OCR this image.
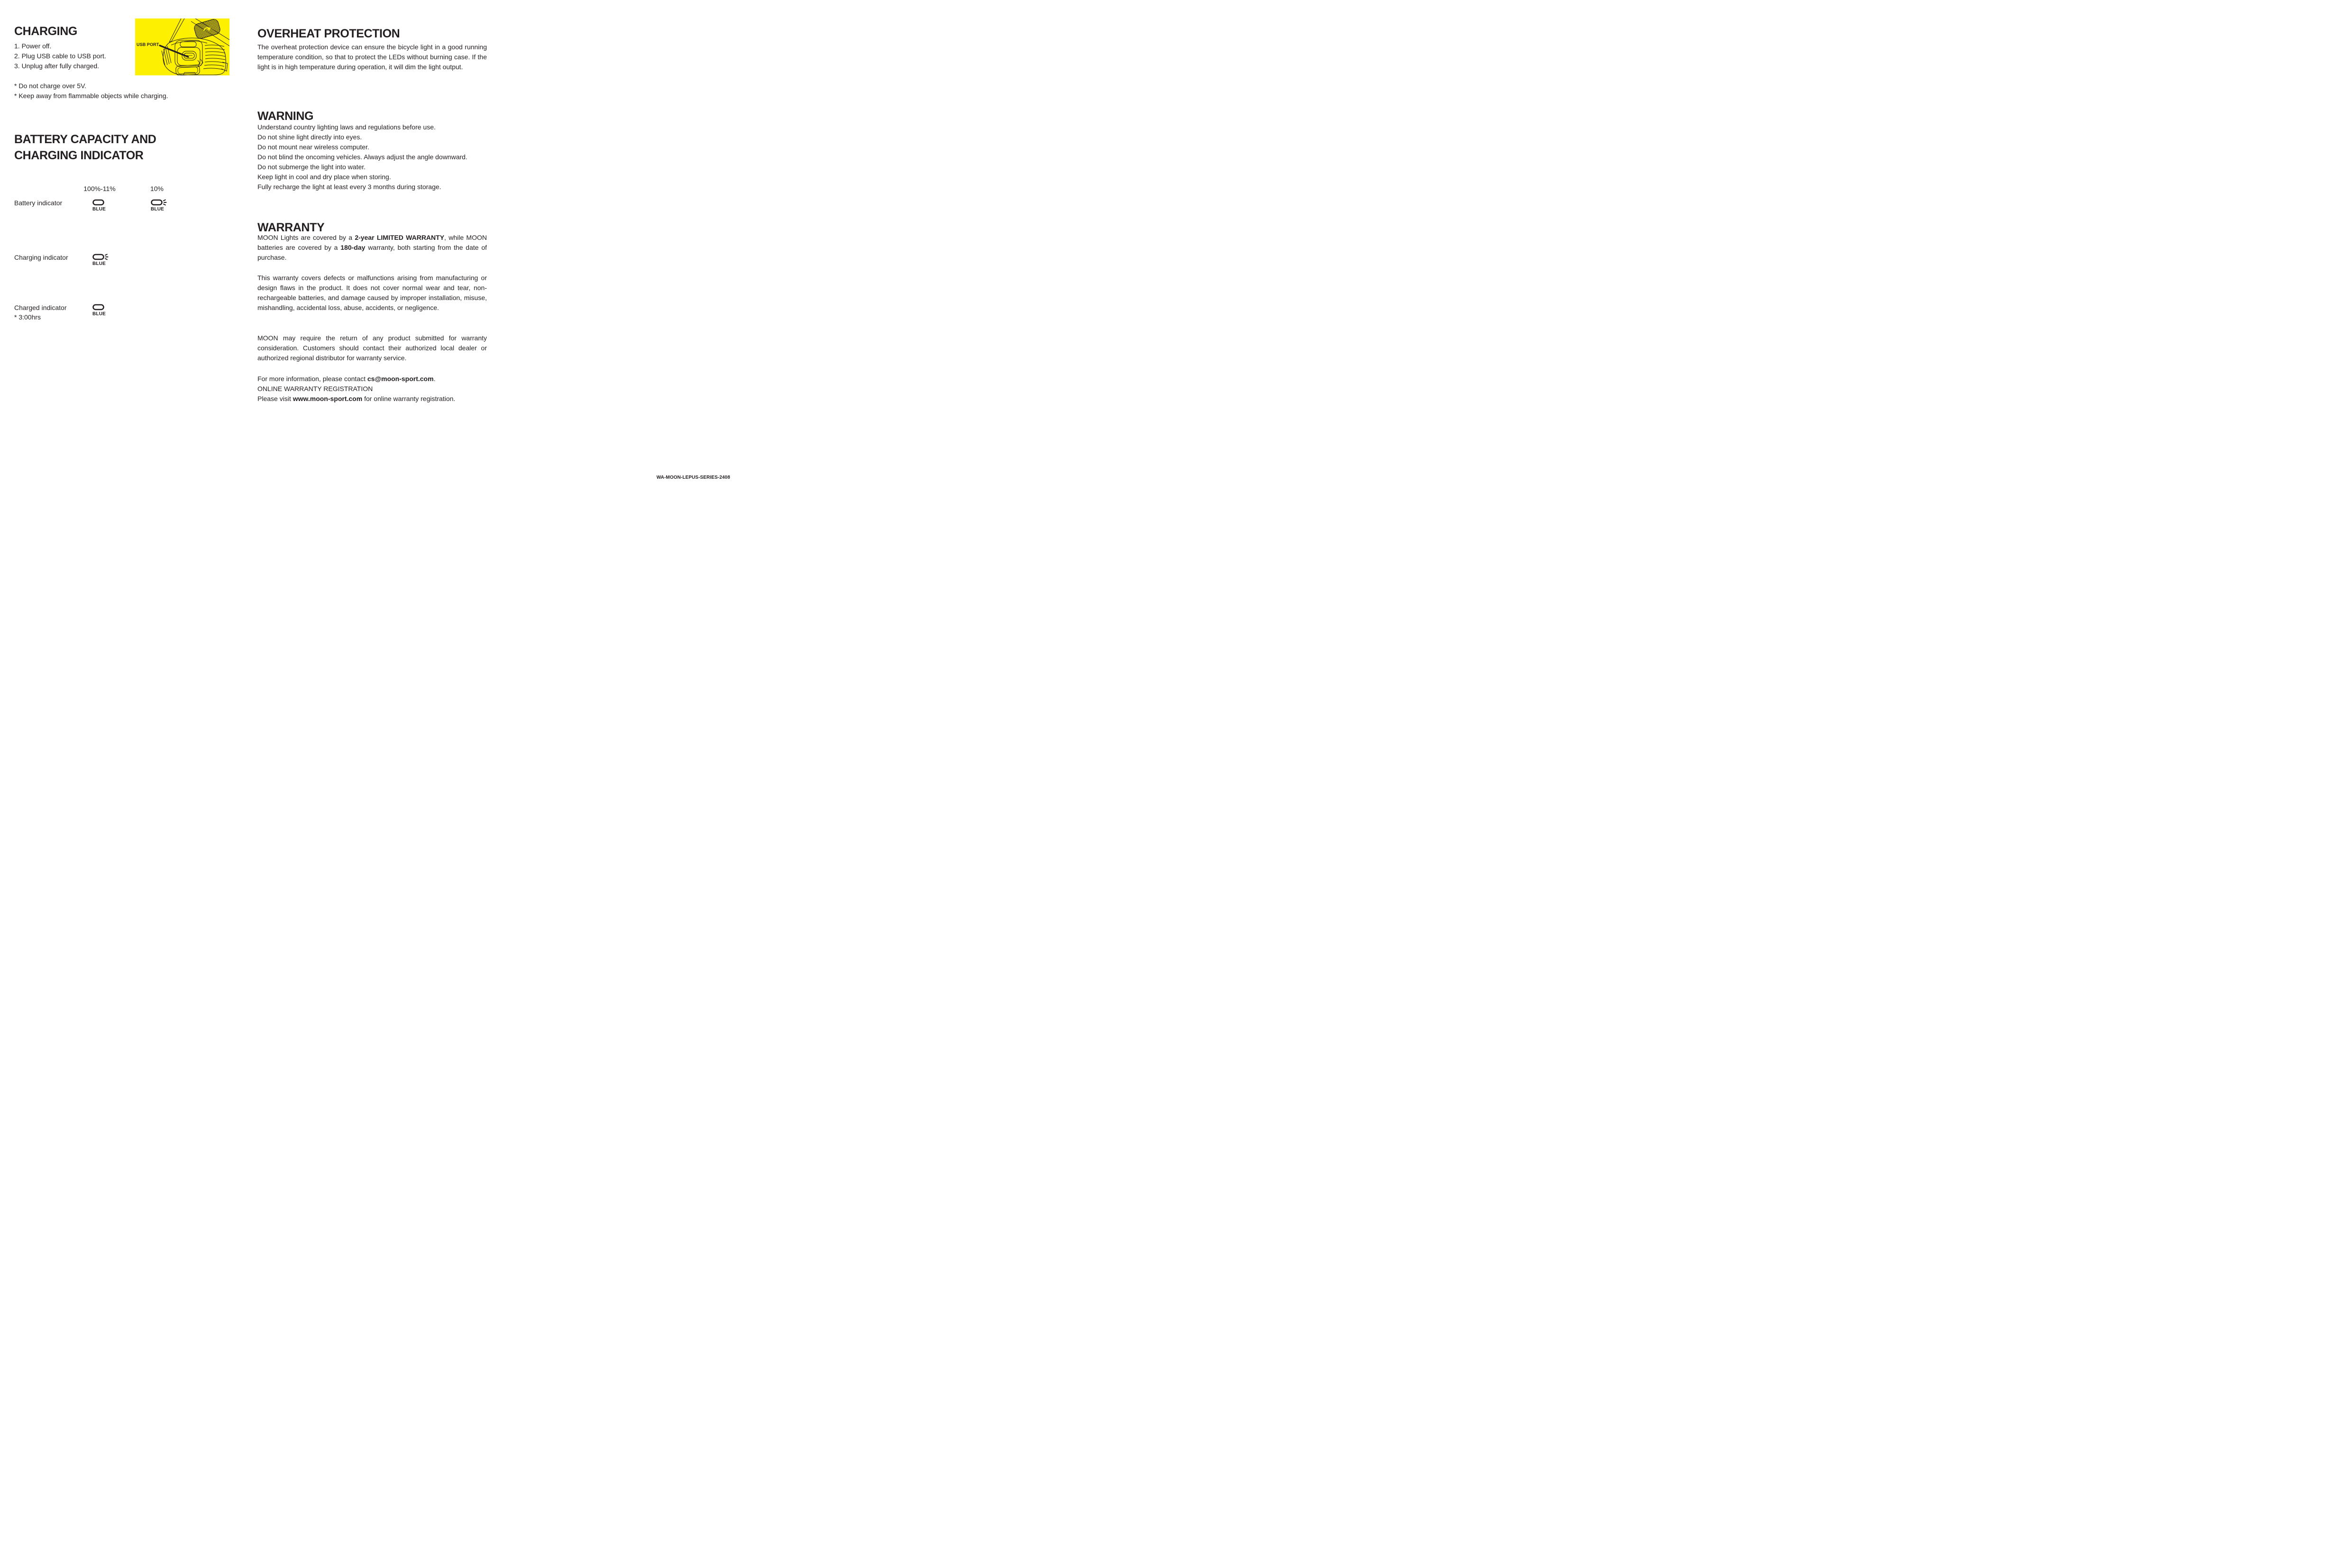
CHARGING
1. Power off.
2. Plug USB cable to USB port.
3. Unplug after fully charged.
* Do not charge over 5V.
* Keep away from flammable objects while charging.
USB PORT
BATTERY CAPACITY AND
CHARGING INDICATOR
100%-11%	10%
Battery indicator
BLUE	BLUE
Charging indicator
BLUE
Charged indicator
BLUE
* 3:00hrs
OVERHEAT PROTECTION
The overheat protection device can ensure the bicycle light in a good running temperature condition, so that to protect the LEDs without burning case. If the light is in high temperature during operation, it will dim the light output.
WARNING
Understand country lighting laws and regulations before use.
Do not shine light directly into eyes.
Do not mount near wireless computer.
Do not blind the oncoming vehicles. Always adjust the angle downward.
Do not submerge the light into water.
Keep light in cool and dry place when storing.
Fully recharge the light at least every 3 months during storage.
WARRANTY
MOON Lights are covered by a 2-year LIMITED WARRANTY, while MOON batteries are covered by a 180-day warranty, both starting from the date of purchase.
This warranty covers defects or malfunctions arising from manufacturing or design flaws in the product. It does not cover normal wear and tear, non-rechargeable batteries, and damage caused by improper installation, misuse, mishandling, accidental loss, abuse, accidents, or negligence.
MOON may require the return of any product submitted for warranty consideration. Customers should contact their authorized local dealer or authorized regional distributor for warranty service.
For more information, please contact cs@moon-sport.com.
ONLINE WARRANTY REGISTRATION
Please visit www.moon-sport.com for online warranty registration.
WA-MOON-LEPUS-SERIES-2408
